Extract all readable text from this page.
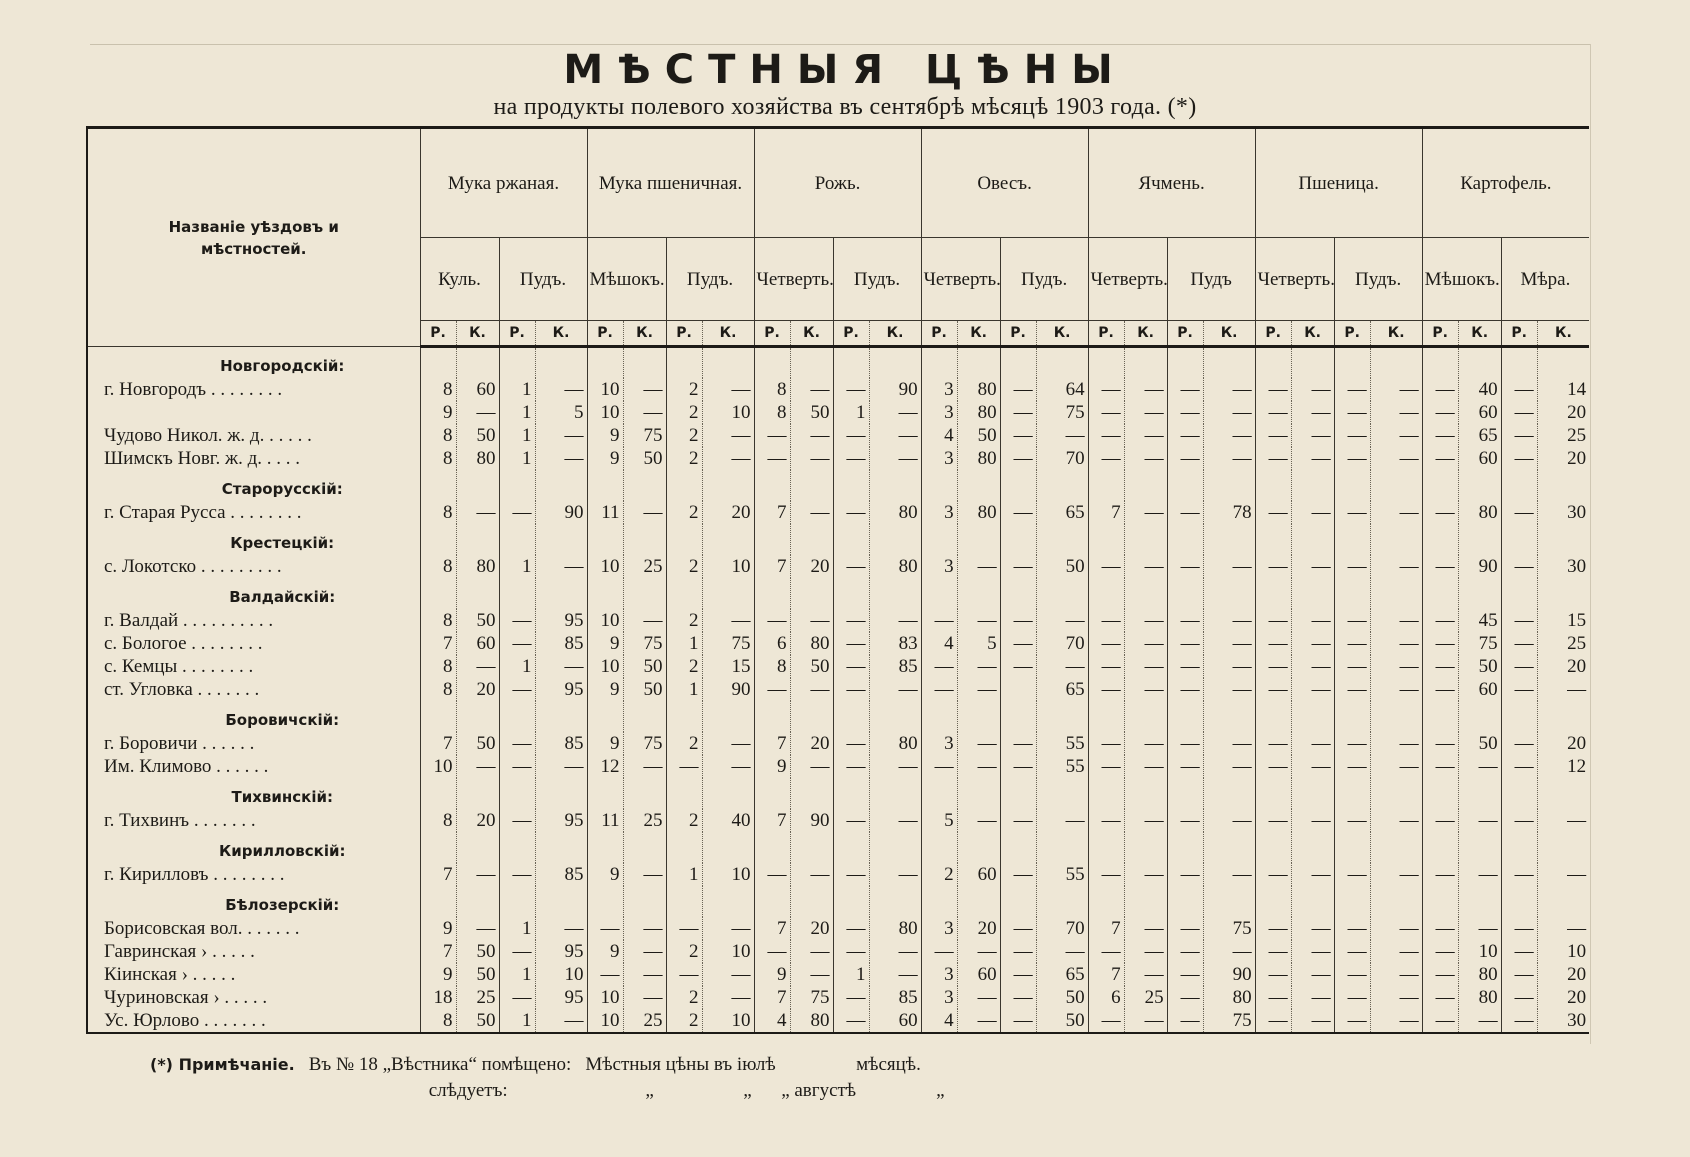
МѢСТНЫЯ ЦѢНЫ
на продукты полевого хозяйства въ сентябрѣ мѣсяцѣ 1903 года. (*)
Названіе уѣздовъ и
мѣстностей.	Мука ржаная.				Мука пшеничная.				Рожь.				Овесъ.				Ячмень.				Пшеница.				Картофель.			
	Куль.		Пудъ.		Мѣшокъ.		Пудъ.		Четверть.		Пудъ.		Четверть.		Пудъ.		Четверть.		Пудъ		Четверть.		Пудъ.		Мѣшокъ.		Мѣра.	
	Р.	К.	Р.	К.	Р.	К.	Р.	К.	Р.	К.	Р.	К.	Р.	К.	Р.	К.	Р.	К.	Р.	К.	Р.	К.	Р.	К.	Р.	К.	Р.	К.
Новгородскій:																												
г. Новгородъ . . . . . . . .	8	60	1	—	10	—	2	—	8	—	—	90	3	80	—	64	—	—	—	—	—	—	—	—	—	40	—	14
	9	—	1	5	10	—	2	10	8	50	1	—	3	80	—	75	—	—	—	—	—	—	—	—	—	60	—	20
Чудово Никол. ж. д. . . . . .	8	50	1	—	9	75	2	—	—	—	—	—	4	50	—	—	—	—	—	—	—	—	—	—	—	65	—	25
Шимскъ Новг. ж. д. . . . .	8	80	1	—	9	50	2	—	—	—	—	—	3	80	—	70	—	—	—	—	—	—	—	—	—	60	—	20
Старорусскій:																												
г. Старая Русса . . . . . . . .	8	—	—	90	11	—	2	20	7	—	—	80	3	80	—	65	7	—	—	78	—	—	—	—	—	80	—	30
Крестецкій:																												
с. Локотско . . . . . . . . .	8	80	1	—	10	25	2	10	7	20	—	80	3	—	—	50	—	—	—	—	—	—	—	—	—	90	—	30
Валдайскій:																												
г. Валдай . . . . . . . . . .	8	50	—	95	10	—	2	—	—	—	—	—	—	—	—	—	—	—	—	—	—	—	—	—	—	45	—	15
с. Бологое . . . . . . . .	7	60	—	85	9	75	1	75	6	80	—	83	4	5	—	70	—	—	—	—	—	—	—	—	—	75	—	25
с. Кемцы . . . . . . . .	8	—	1	—	10	50	2	15	8	50	—	85	—	—	—	—	—	—	—	—	—	—	—	—	—	50	—	20
ст. Угловка . . . . . . .	8	20	—	95	9	50	1	90	—	—	—	—	—	—		65	—	—	—	—	—	—	—	—	—	60	—	—
Боровичскій:																												
г. Боровичи . . . . . .	7	50	—	85	9	75	2	—	7	20	—	80	3	—	—	55	—	—	—	—	—	—	—	—	—	50	—	20
Им. Климово . . . . . .	10	—	—	—	12	—	—	—	9	—	—	—	—	—	—	55	—	—	—	—	—	—	—	—	—	—	—	12
Тихвинскій:																												
г. Тихвинъ . . . . . . .	8	20	—	95	11	25	2	40	7	90	—	—	5	—	—	—	—	—	—	—	—	—	—	—	—	—	—	—
Кирилловскій:																												
г. Кирилловъ . . . . . . . .	7	—	—	85	9	—	1	10	—	—	—	—	2	60	—	55	—	—	—	—	—	—	—	—	—	—	—	—
Бѣлозерскій:																												
Борисовская вол. . . . . . .	9	—	1	—	—	—	—	—	7	20	—	80	3	20	—	70	7	—	—	75	—	—	—	—	—	—	—	—
Гавринская › . . . . .	7	50	—	95	9	—	2	10	—	—	—	—	—	—	—	—	—	—	—	—	—	—	—	—	—	10	—	10
Кiинская › . . . . .	9	50	1	10	—	—	—	—	9	—	1	—	3	60	—	65	7	—	—	90	—	—	—	—	—	80	—	20
Чуриновская › . . . . .	18	25	—	95	10	—	2	—	7	75	—	85	3	—	—	50	6	25	—	80	—	—	—	—	—	80	—	20
Ус. Юрлово . . . . . . .	8	50	1	—	10	25	2	10	4	80	—	60	4	—	—	50	—	—	—	75	—	—	—	—	—	—	—	30
(*) Примѣчаніе.	Въ № 18 „Вѣстника“ помѣщено:	Мѣстныя цѣны въ іюлѣ	мѣсяцѣ.
	слѣдуетъ:	„ „ „ августѣ	„
